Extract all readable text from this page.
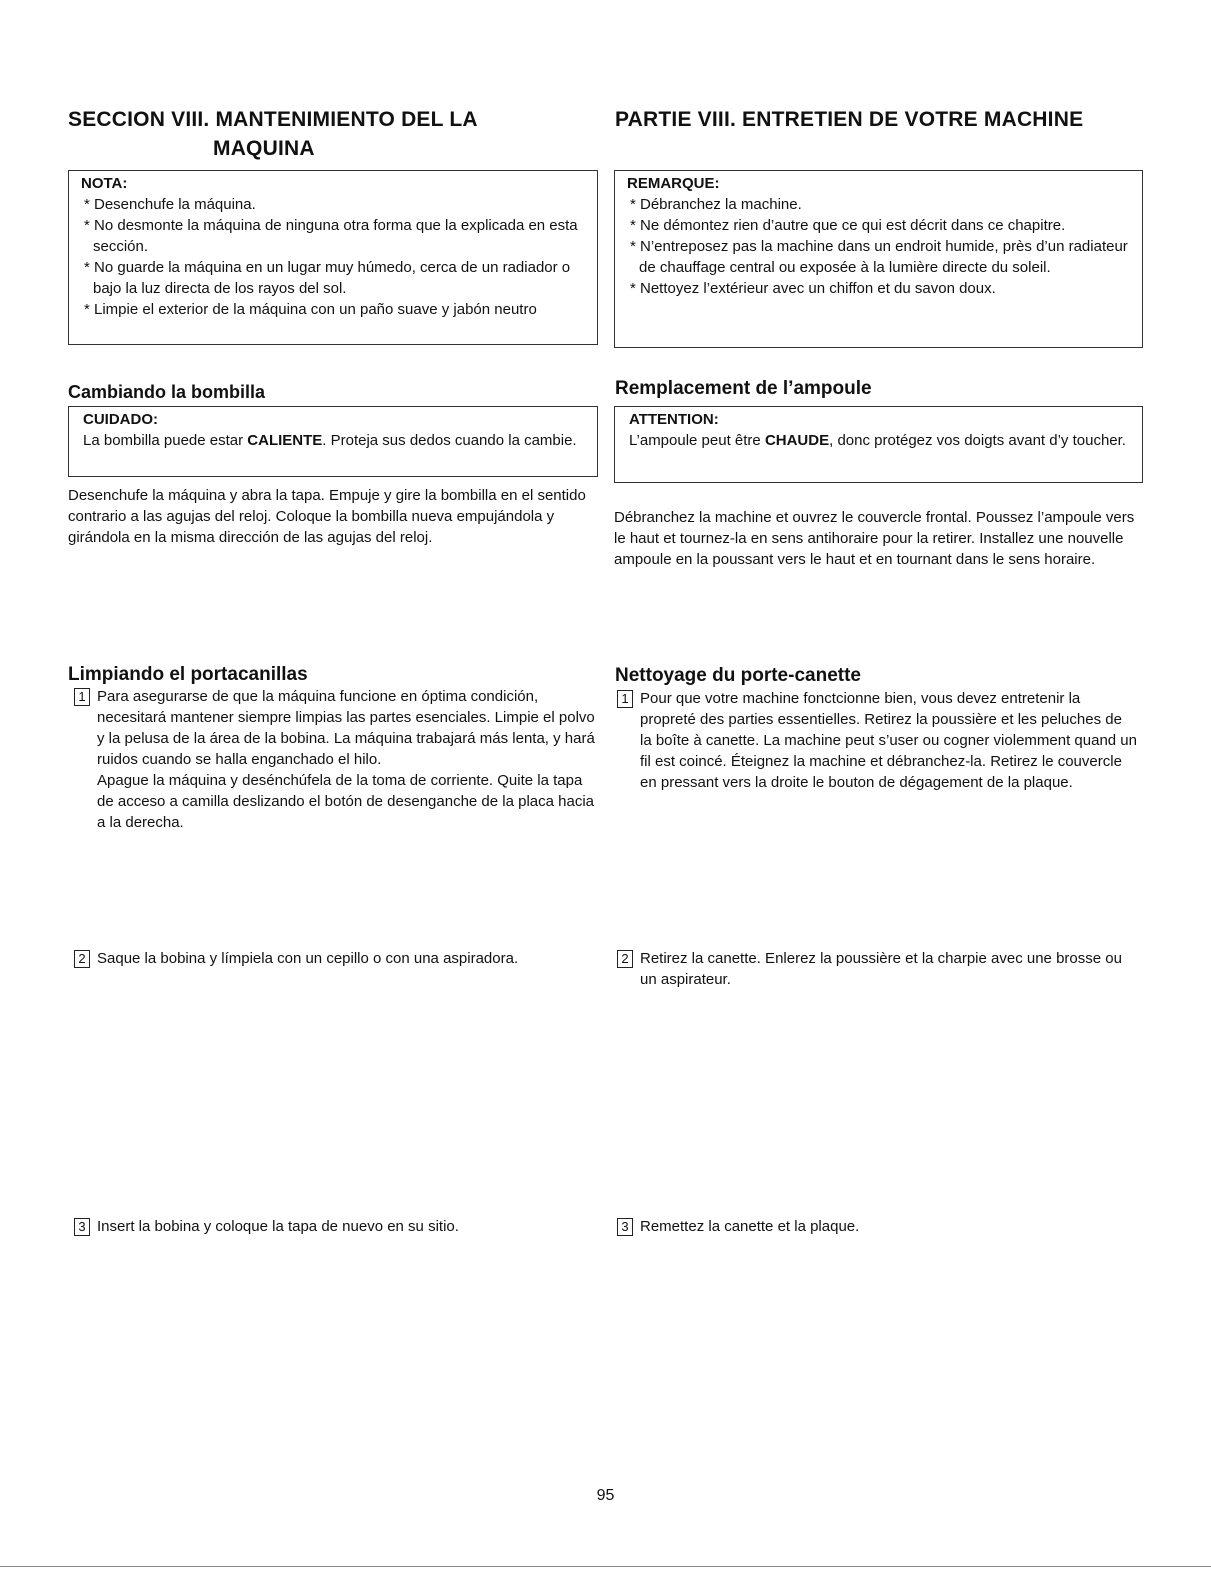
SECCION VIII. MANTENIMIENTO DEL LA
MAQUINA
NOTA:
* Desenchufe la máquina.
* No desmonte la máquina de ninguna otra forma que la explicada en esta sección.
* No guarde la máquina en un lugar muy húmedo, cerca de un radiador o bajo la luz directa de los rayos del sol.
* Limpie el exterior de la máquina con un paño suave y jabón neutro
Cambiando la bombilla
CUIDADO:
La bombilla puede estar CALIENTE. Proteja sus dedos cuando la cambie.
Desenchufe la máquina y abra la tapa. Empuje y gire la bombilla en el sentido contrario a las agujas del reloj. Coloque la bombilla nueva empujándola y girándola en la misma dirección de las agujas del reloj.
Limpiando el portacanillas
1 Para asegurarse de que la máquina funcione en óptima condición, necesitará mantener siempre limpias las partes esenciales. Limpie el polvo y la pelusa de la área de la bobina. La máquina trabajará más lenta, y hará ruidos cuando se halla enganchado el hilo.
Apague la máquina y desénchúfela de la toma de corriente. Quite la tapa de acceso a camilla deslizando el botón de desenganche de la placa hacia a la derecha.
2 Saque la bobina y límpiela con un cepillo o con una aspiradora.
3 Insert la bobina y coloque la tapa de nuevo en su sitio.
PARTIE VIII. ENTRETIEN DE VOTRE MACHINE
REMARQUE:
* Débranchez la machine.
* Ne démontez rien d’autre que ce qui est décrit dans ce chapitre.
* N’entreposez pas la machine dans un endroit humide, près d’un radiateur de chauffage central ou exposée à la lumière directe du soleil.
* Nettoyez l’extérieur avec un chiffon et du savon doux.
Remplacement de l’ampoule
ATTENTION:
L’ampoule peut être CHAUDE, donc protégez vos doigts avant d’y toucher.
Débranchez la machine et ouvrez le couvercle frontal. Poussez l’ampoule vers le haut et tournez-la en sens antihoraire pour la retirer. Installez une nouvelle ampoule en la poussant vers le haut et en tournant dans le sens horaire.
Nettoyage du porte-canette
1 Pour que votre machine fonctcionne bien, vous devez entretenir la propreté des parties essentielles. Retirez la poussière et les peluches de la boîte à canette. La machine peut s’user ou cogner violemment quand un fil est coincé. Éteignez la machine et débranchez-la. Retirez le couvercle en pressant vers la droite le bouton de dégagement de la plaque.
2 Retirez la canette. Enlerez la poussière et la charpie avec une brosse ou un aspirateur.
3 Remettez la canette et la plaque.
95
